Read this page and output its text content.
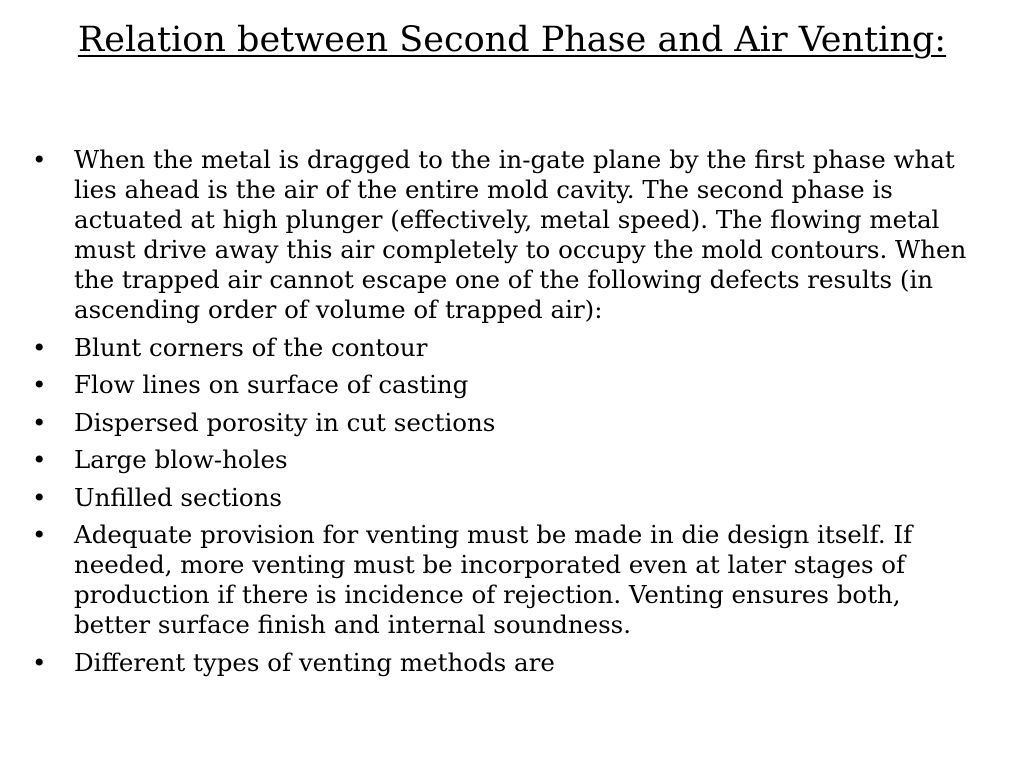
Relation between Second Phase and Air Venting:
• When the metal is dragged to the in-gate plane by the first phase what lies ahead is the air of the entire mold cavity. The second phase is actuated at high plunger (effectively, metal speed). The flowing metal must drive away this air completely to occupy the mold contours. When the trapped air cannot escape one of the following defects results (in ascending order of volume of trapped air):
• Blunt corners of the contour
• Flow lines on surface of casting
• Dispersed porosity in cut sections
• Large blow-holes
• Unfilled sections
• Adequate provision for venting must be made in die design itself. If needed, more venting must be incorporated even at later stages of production if there is incidence of rejection. Venting ensures both, better surface finish and internal soundness.
• Different types of venting methods are
